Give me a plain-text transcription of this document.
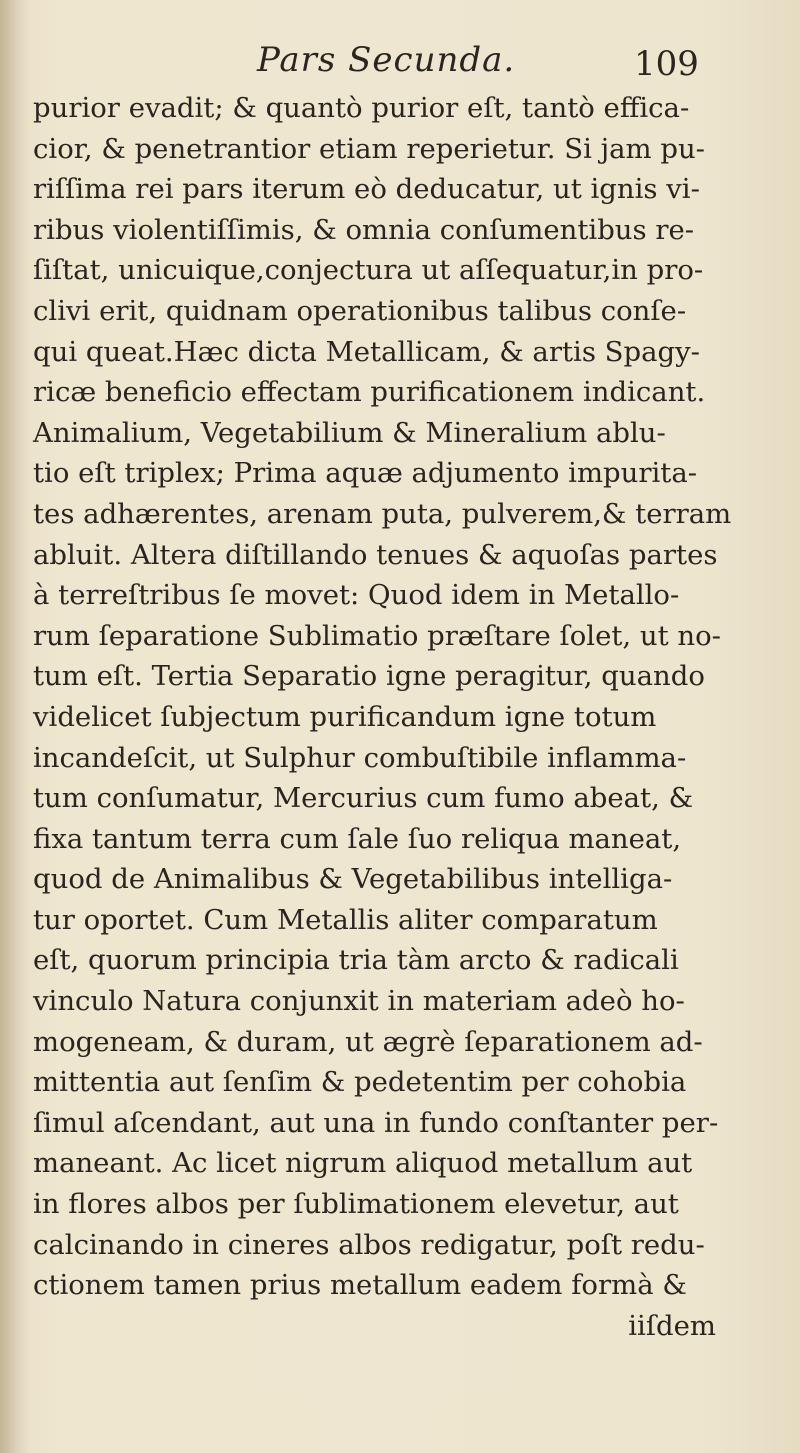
Pars Secunda.	109
purior evadit; & quantò purior eſt, tantò effica-
cior, & penetrantior etiam reperietur. Si jam pu-
riſſima rei pars iterum eò deducatur, ut ignis vi-
ribus violentiſſimis, & omnia conſumentibus re-
ſiſtat, unicuique,conjectura ut aſſequatur,in pro-
clivi erit, quidnam operationibus talibus conſe-
qui queat.Hæc dicta Metallicam, & artis Spagy-
ricæ beneficio effectam purificationem indicant.
Animalium, Vegetabilium & Mineralium ablu-
tio eſt triplex; Prima aquæ adjumento impurita-
tes adhærentes, arenam puta, pulverem,& terram
abluit. Altera diſtillando tenues & aquoſas partes
à terreſtribus ſe movet: Quod idem in Metallo-
rum ſeparatione Sublimatio præſtare ſolet, ut no-
tum eſt. Tertia Separatio igne peragitur, quando
videlicet ſubjectum purificandum igne totum
incandeſcit, ut Sulphur combuſtibile inflamma-
tum conſumatur, Mercurius cum fumo abeat, &
fixa tantum terra cum ſale ſuo reliqua maneat,
quod de Animalibus & Vegetabilibus intelliga-
tur oportet. Cum Metallis aliter comparatum
eſt, quorum principia tria tàm arcto & radicali
vinculo Natura conjunxit in materiam adeò ho-
mogeneam, & duram, ut ægrè ſeparationem ad-
mittentia aut ſenſim & pedetentim per cohobia
ſimul aſcendant, aut una in fundo conſtanter per-
maneant. Ac licet nigrum aliquod metallum aut
in flores albos per ſublimationem elevetur, aut
calcinando in cineres albos redigatur, poſt redu-
ctionem tamen prius metallum eadem formà &
iiſdem
